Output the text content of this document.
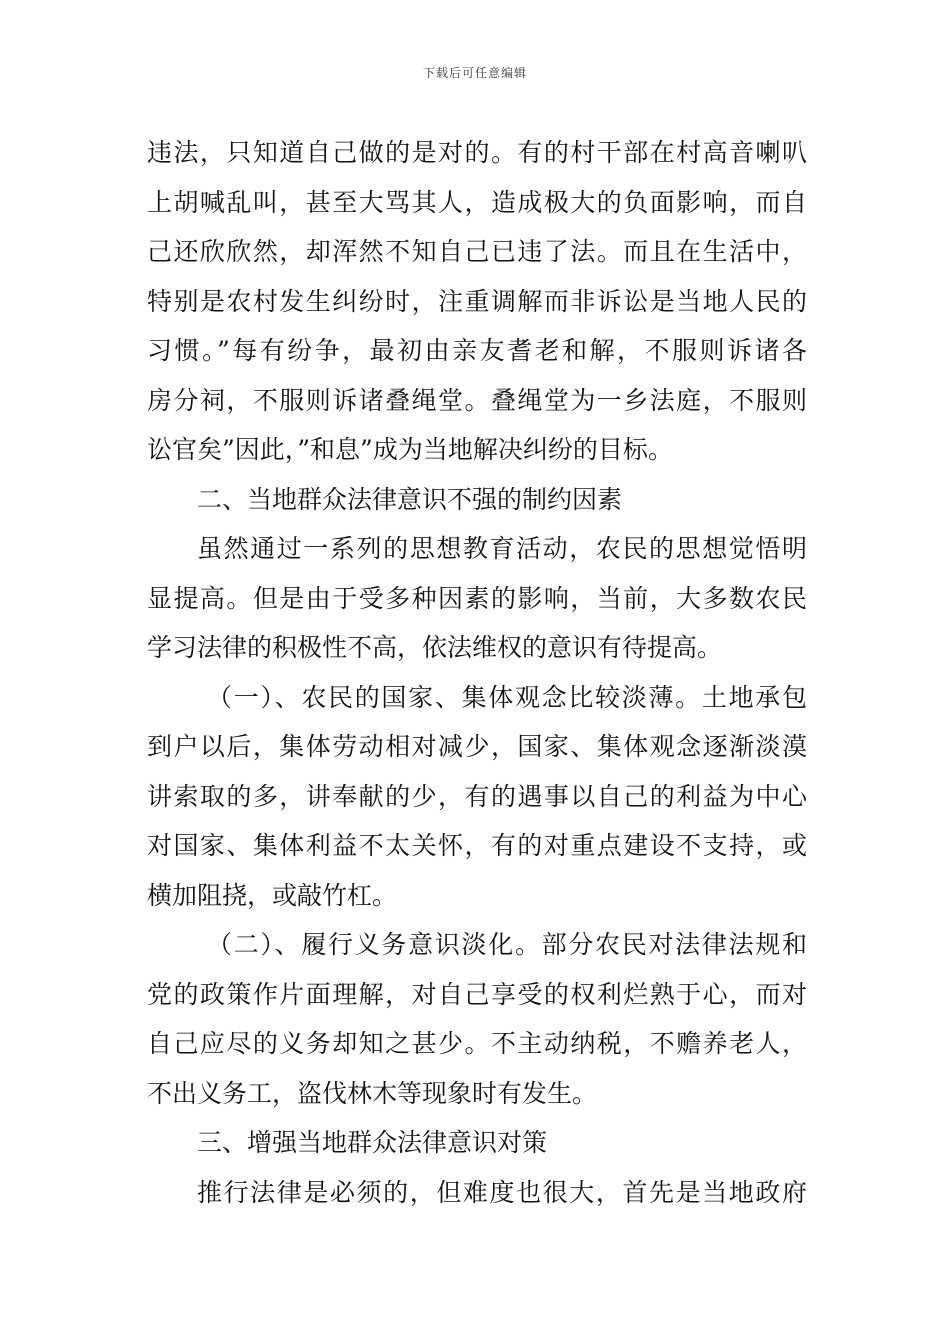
下载后可任意编辑
违法，只知道自己做的是对的。有的村干部在村高音喇叭
上胡喊乱叫，甚至大骂其人，造成极大的负面影响，而自
己还欣欣然，却浑然不知自己已违了法。而且在生活中，
特别是农村发生纠纷时，注重调解而非诉讼是当地人民的
习惯。”每有纷争，最初由亲友耆老和解，不服则诉诸各
房分祠，不服则诉诸叠绳堂。叠绳堂为一乡法庭，不服则
讼官矣”因此，”和息”成为当地解决纠纷的目标。
二、当地群众法律意识不强的制约因素
虽然通过一系列的思想教育活动，农民的思想觉悟明
显提高。但是由于受多种因素的影响，当前，大多数农民
学习法律的积极性不高，依法维权的意识有待提高。
（一）、农民的国家、集体观念比较淡薄。土地承包
到户以后，集体劳动相对减少，国家、集体观念逐渐淡漠
讲索取的多，讲奉献的少，有的遇事以自己的利益为中心
对国家、集体利益不太关怀，有的对重点建设不支持，或
横加阻挠，或敲竹杠。
（二）、履行义务意识淡化。部分农民对法律法规和
党的政策作片面理解，对自己享受的权利烂熟于心，而对
自己应尽的义务却知之甚少。不主动纳税，不赡养老人，
不出义务工，盗伐林木等现象时有发生。
三、增强当地群众法律意识对策
推行法律是必须的，但难度也很大，首先是当地政府
